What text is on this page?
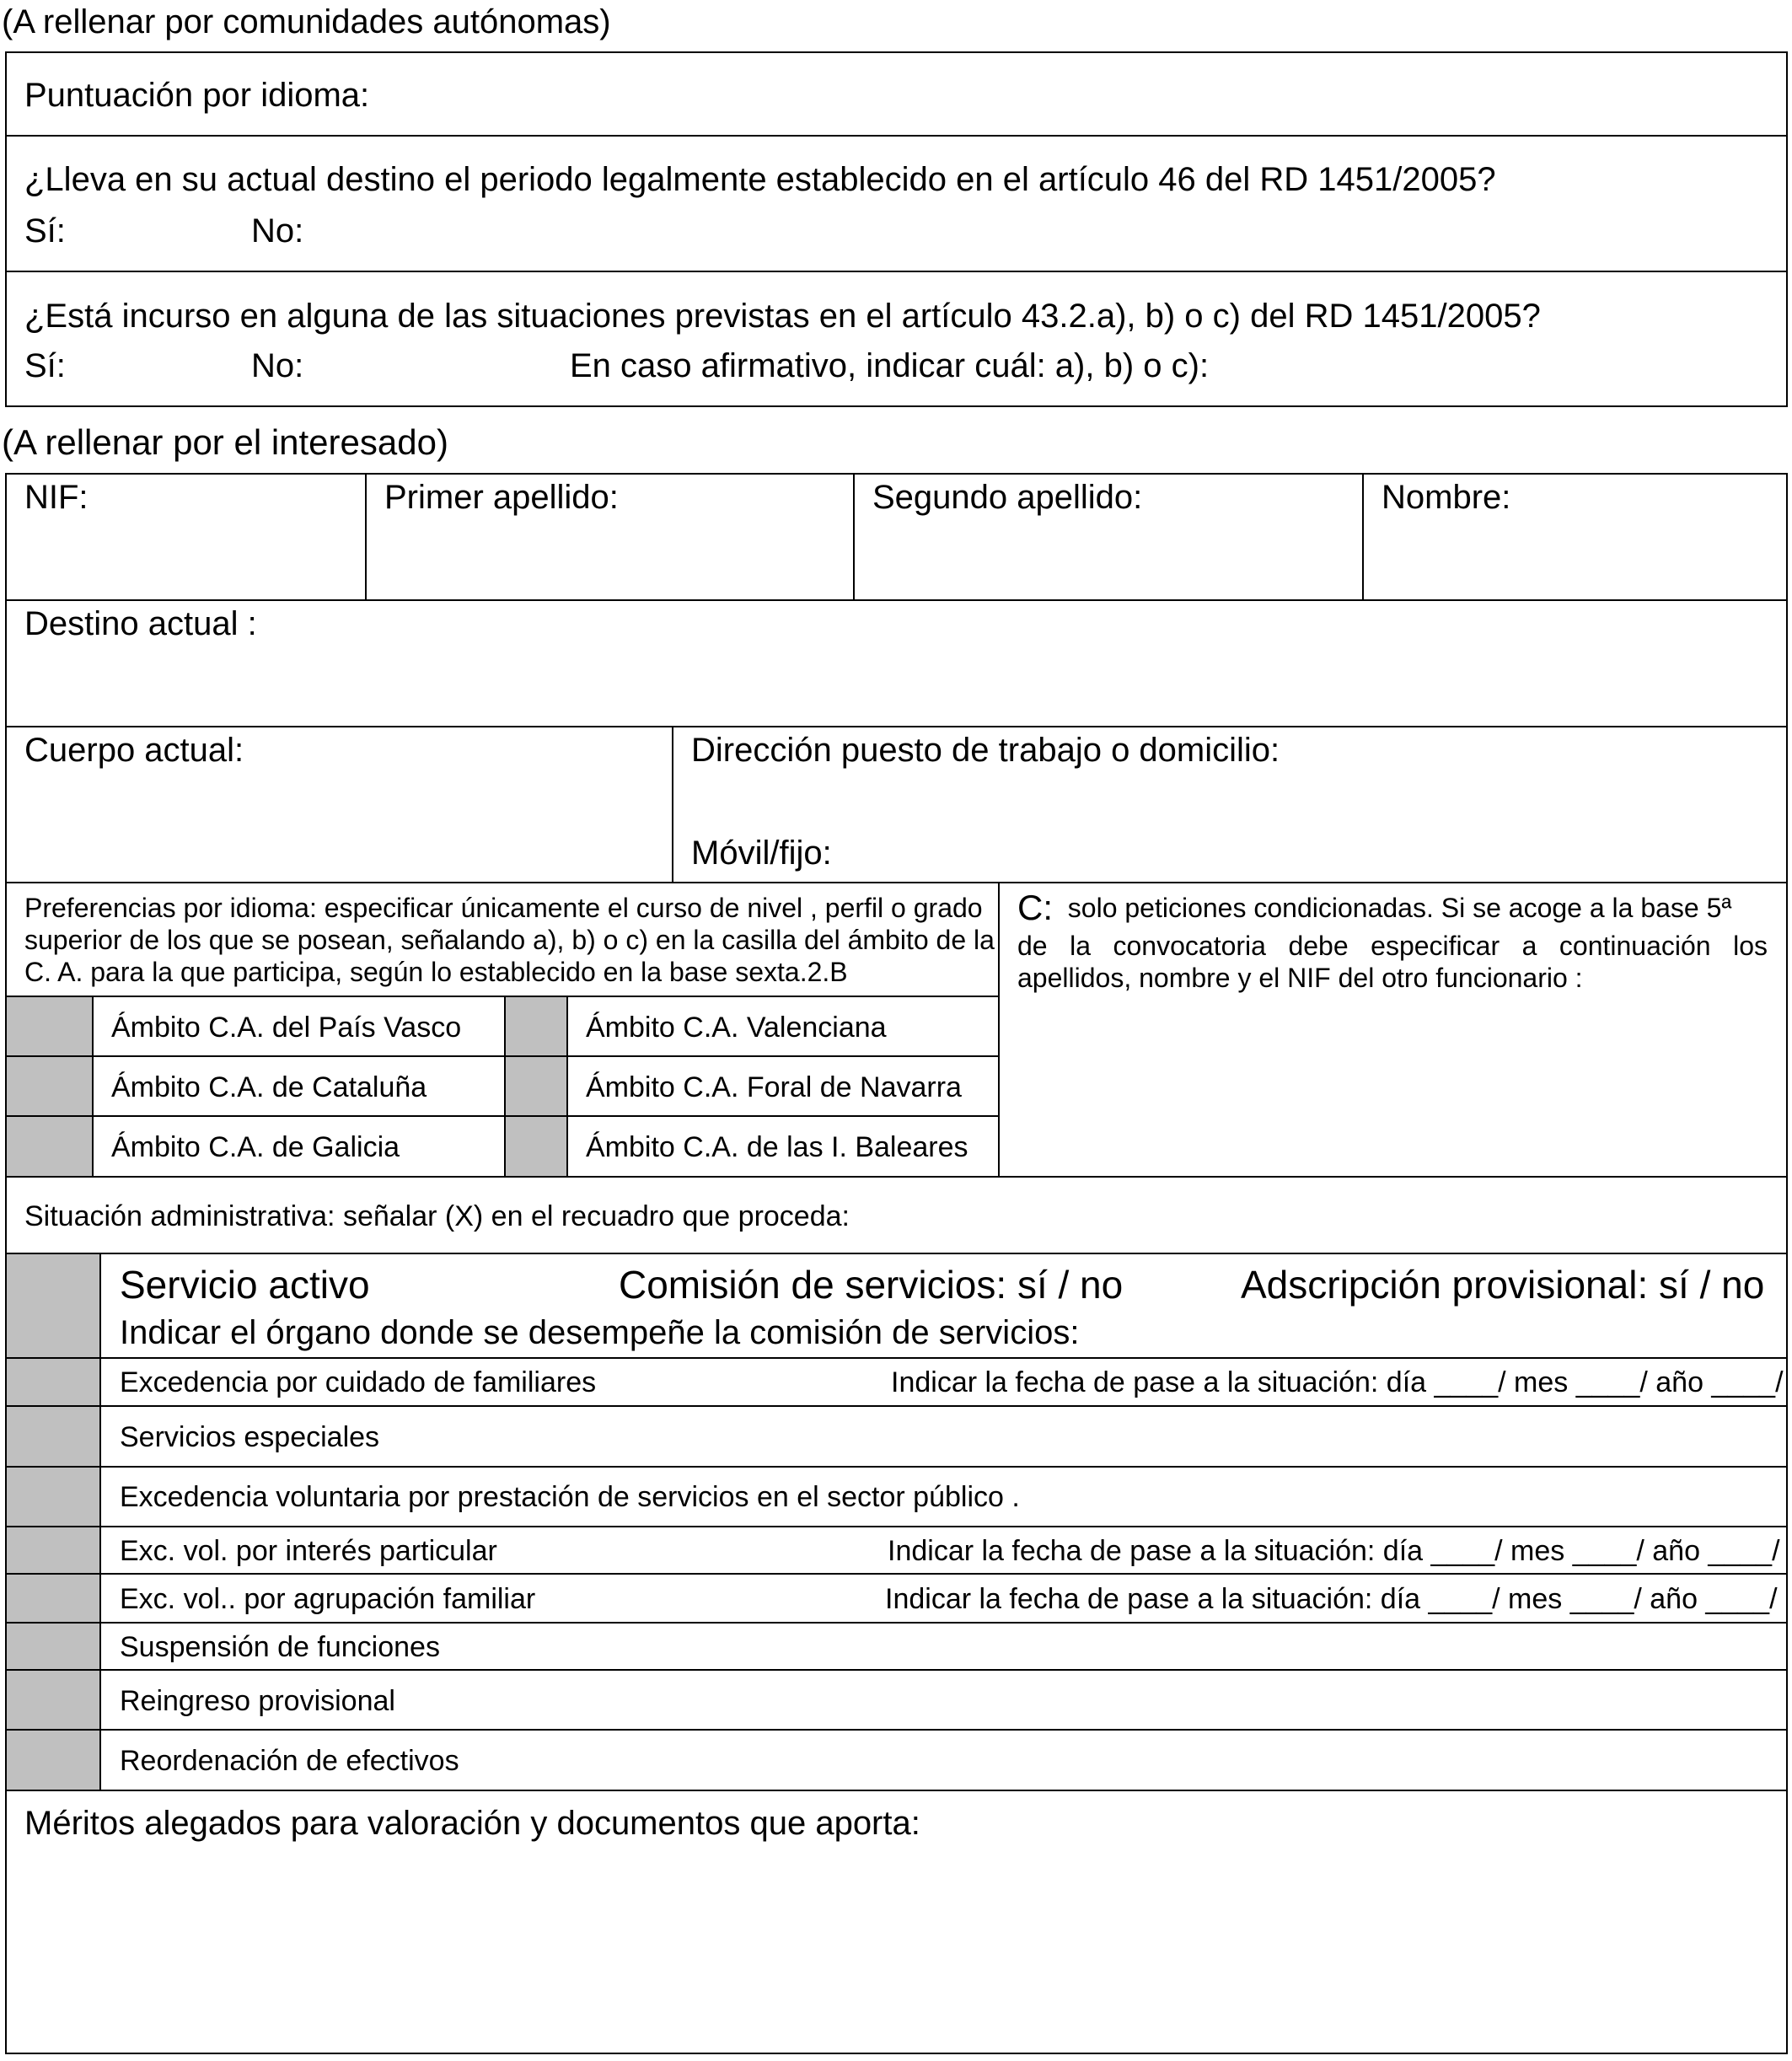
(A rellenar por comunidades autónomas)
Puntuación por idioma:
¿Lleva en su actual destino el periodo legalmente establecido en el artículo 46 del RD 1451/2005?
Sí:	No:
¿Está incurso en alguna de las situaciones previstas en el artículo 43.2.a), b) o c) del RD 1451/2005?
Sí:	No:	En caso afirmativo, indicar cuál: a), b) o c):
(A rellenar por el interesado)
NIF:	Primer apellido:	Segundo apellido:	Nombre:
Destino actual :
Cuerpo actual:	Dirección puesto de trabajo o domicilio:
Móvil/fijo:
Preferencias por idioma: especificar únicamente el curso de nivel , perfil o grado
superior de los que se posean, señalando a), b) o c) en la casilla del ámbito de la
C. A. para la que participa, según lo establecido en la base sexta.2.B
Ámbito C.A. del País Vasco	Ámbito C.A. Valenciana
Ámbito C.A. de Cataluña	Ámbito C.A. Foral de Navarra
Ámbito C.A. de Galicia	Ámbito C.A. de las I. Baleares
C: solo peticiones condicionadas. Si se acoge a la base 5ª
de la convocatoria debe especificar a continuación los
apellidos, nombre y el NIF del otro funcionario :
Situación administrativa: señalar (X) en el recuadro que proceda:
Servicio activo	Comisión de servicios: sí / no	Adscripción provisional: sí / no
Indicar el órgano donde se desempeñe la comisión de servicios:
Excedencia por cuidado de familiares	Indicar la fecha de pase a la situación: día ____/ mes ____/ año ____/
Servicios especiales
Excedencia voluntaria por prestación de servicios en el sector público .
Exc. vol. por interés particular	Indicar la fecha de pase a la situación: día ____/ mes ____/ año ____/
Exc. vol.. por agrupación familiar	Indicar la fecha de pase a la situación: día ____/ mes ____/ año ____/
Suspensión de funciones
Reingreso provisional
Reordenación de efectivos
Méritos alegados para valoración y documentos que aporta:
